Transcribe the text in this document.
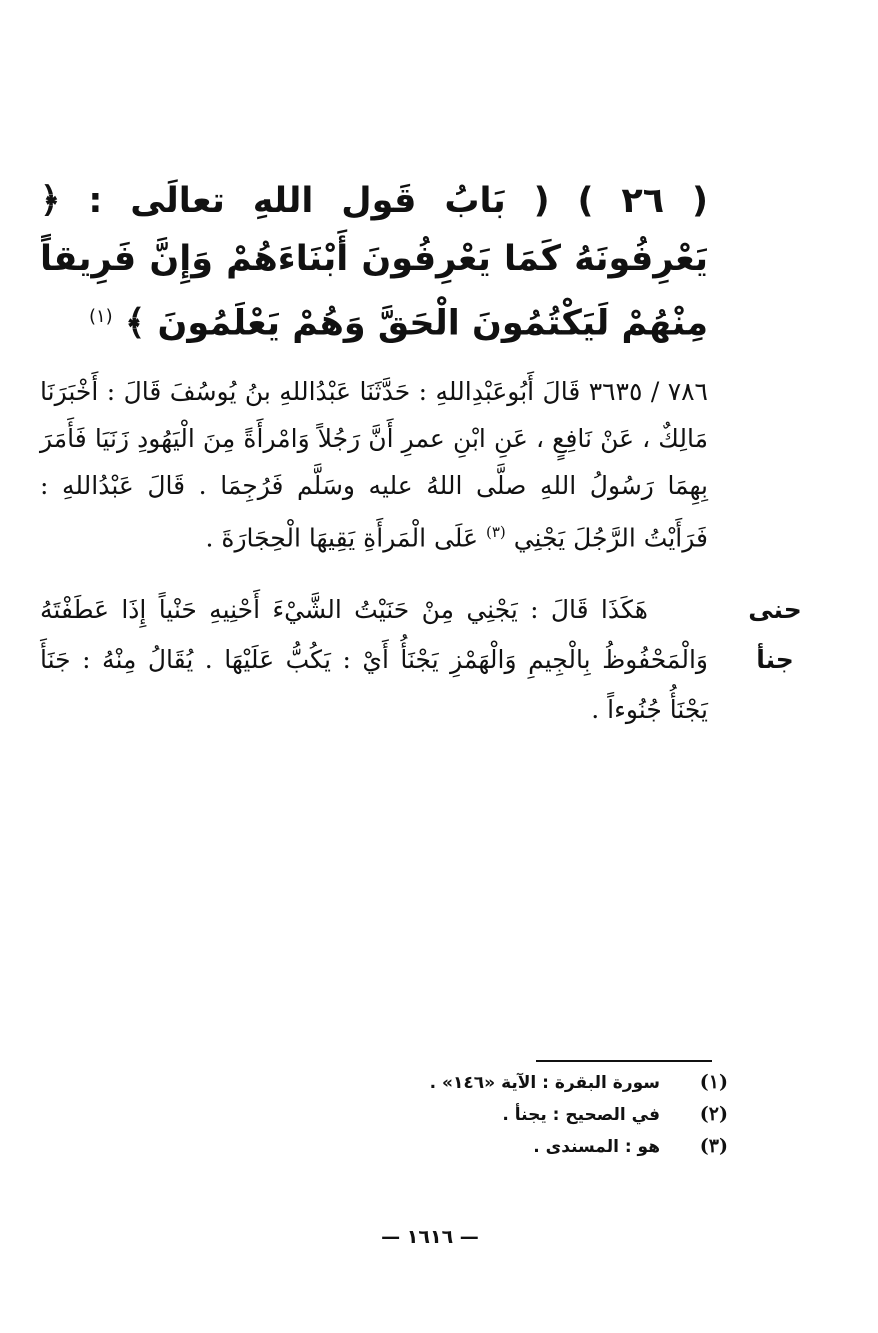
( ٢٦ ) ( بَابُ قَول اللهِ تعالَى : ﴿ يَعْرِفُونَهُ كَمَا يَعْرِفُونَ أَبْنَاءَهُمْ وَإِنَّ فَرِيقاً مِنْهُمْ لَيَكْتُمُونَ الْحَقَّ وَهُمْ يَعْلَمُونَ ﴾ $^{(١)}$
٧٨٦ / ٣٦٣٥ قَالَ أَبُوعَبْدِاللهِ : حَدَّثَنَا عَبْدُاللهِ بنُ يُوسُفَ قَالَ : أَخْبَرَنَا مَالِكٌ ، عَنْ نَافِعٍ ، عَنِ ابْنِ عمرِ أَنَّ رَجُلاً وَامْرأَةً مِنَ الْيَهُودِ زَنَيَا فَأَمَرَ بِهِمَا رَسُولُ اللهِ صلَّى اللهُ عليه وسَلَّم فَرُجِمَا . قَالَ عَبْدُاللهِ : فَرَأَيْتُ الرَّجُلَ يَجْنِي $^{(٣)}$ عَلَى الْمَرأَةِ يَقِيهَا الْحِجَارَةَ .
هَكَذَا قَالَ : يَجْنِي مِنْ حَنَيْتُ الشَّيْءَ أَحْنِيهِ حَنْياً إِذَا عَطَفْتَهُ وَالْمَحْفُوظُ بِالْجِيمِ وَالْهَمْزِ يَجْنَأُ أَيْ : يَكُبُّ عَلَيْهَا . يُقَالُ مِنْهُ : جَنَأَ يَجْنَأُ جُنُوءاً .
حنى
جنأ
(١)
سورة البقرة : الآية «١٤٦» .
(٢)
في الصحيح : يجنأ .
(٣)
هو : المسندى .
— ١٦١٦ —
